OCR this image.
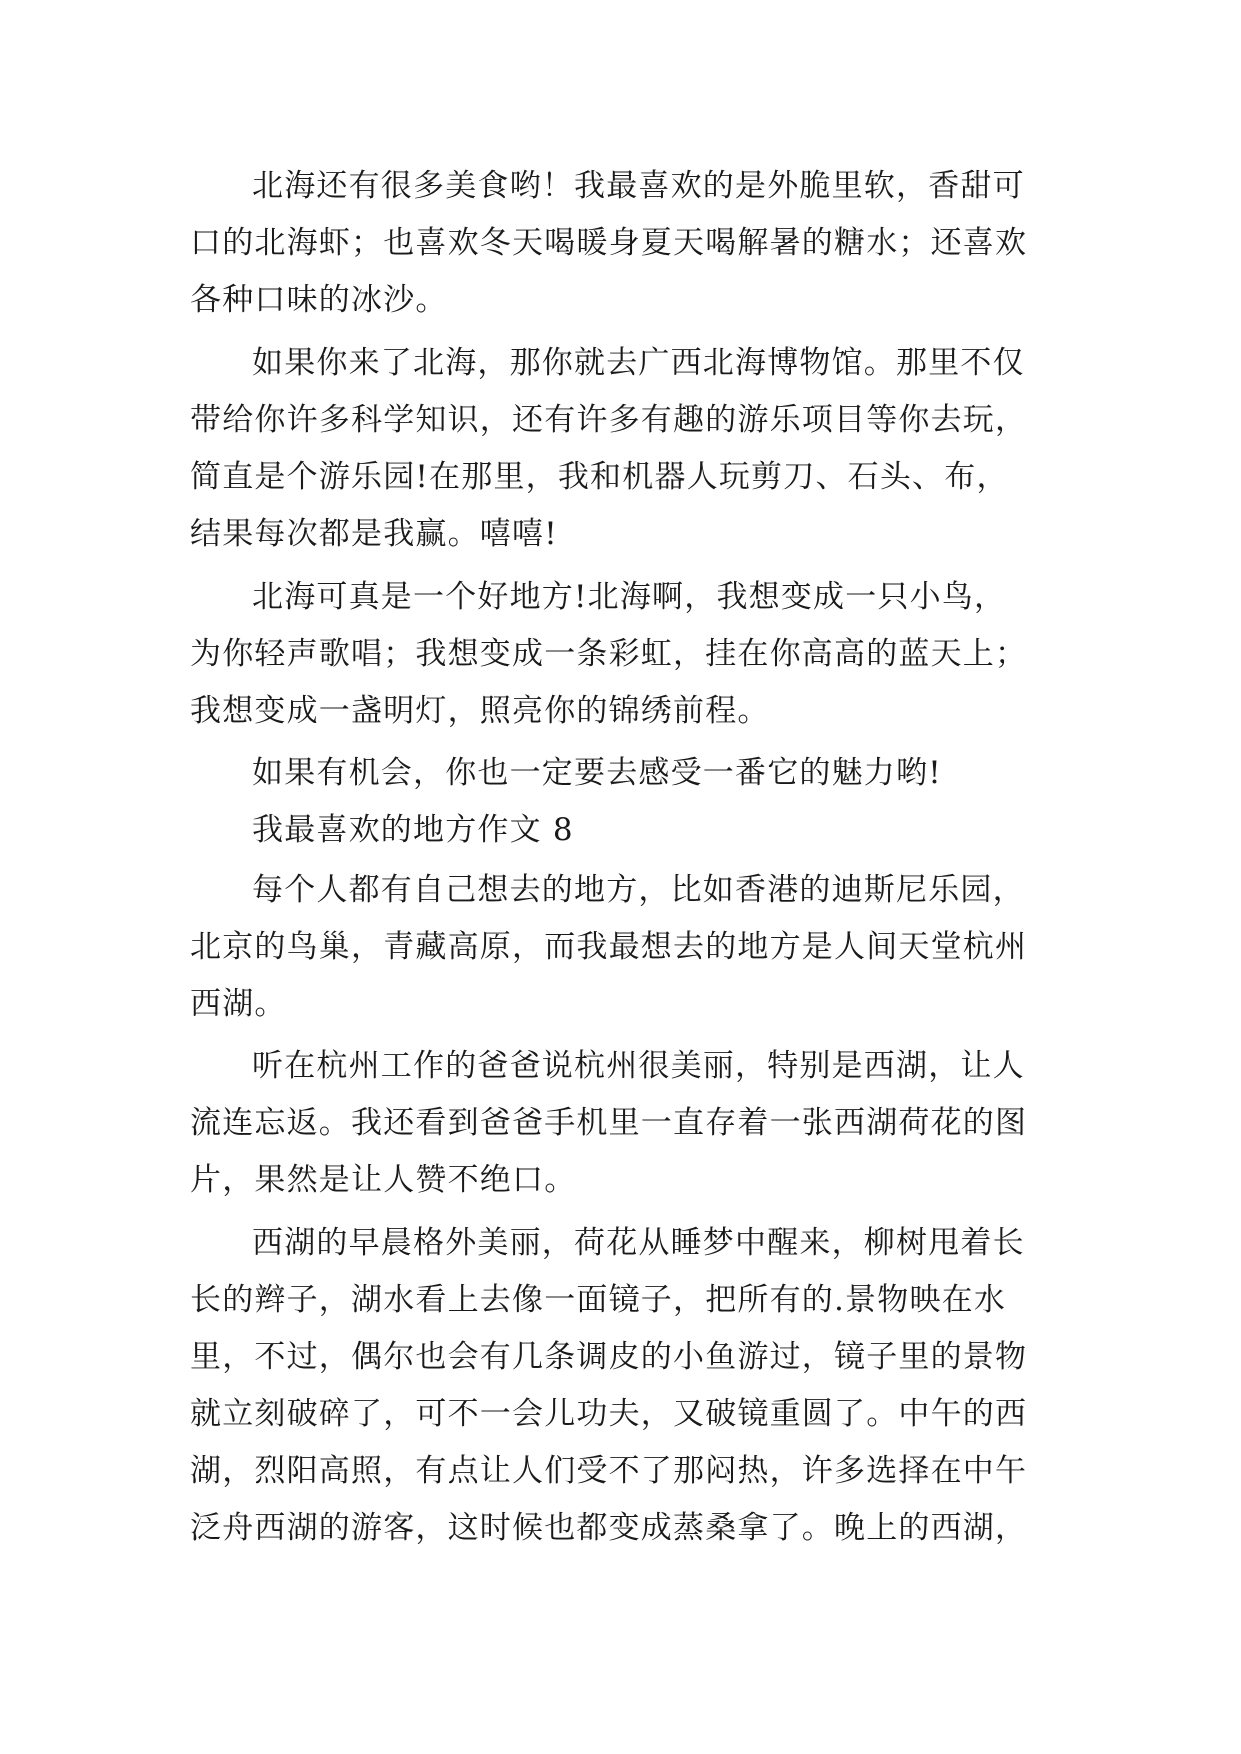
北海还有很多美食哟！我最喜欢的是外脆里软，香甜可
口的北海虾；也喜欢冬天喝暖身夏天喝解暑的糖水；还喜欢
各种口味的冰沙。
如果你来了北海，那你就去广西北海博物馆。那里不仅
带给你许多科学知识，还有许多有趣的游乐项目等你去玩，
简直是个游乐园!在那里，我和机器人玩剪刀、石头、布，
结果每次都是我赢。嘻嘻!
北海可真是一个好地方!北海啊，我想变成一只小鸟，
为你轻声歌唱；我想变成一条彩虹，挂在你高高的蓝天上；
我想变成一盏明灯，照亮你的锦绣前程。
如果有机会，你也一定要去感受一番它的魅力哟!
我最喜欢的地方作文 8
每个人都有自己想去的地方，比如香港的迪斯尼乐园，
北京的鸟巢，青藏高原，而我最想去的地方是人间天堂杭州
西湖。
听在杭州工作的爸爸说杭州很美丽，特别是西湖，让人
流连忘返。我还看到爸爸手机里一直存着一张西湖荷花的图
片，果然是让人赞不绝口。
西湖的早晨格外美丽，荷花从睡梦中醒来，柳树甩着长
长的辫子，湖水看上去像一面镜子，把所有的.景物映在水
里，不过，偶尔也会有几条调皮的小鱼游过，镜子里的景物
就立刻破碎了，可不一会儿功夫，又破镜重圆了。中午的西
湖，烈阳高照，有点让人们受不了那闷热，许多选择在中午
泛舟西湖的游客，这时候也都变成蒸桑拿了。晚上的西湖，
